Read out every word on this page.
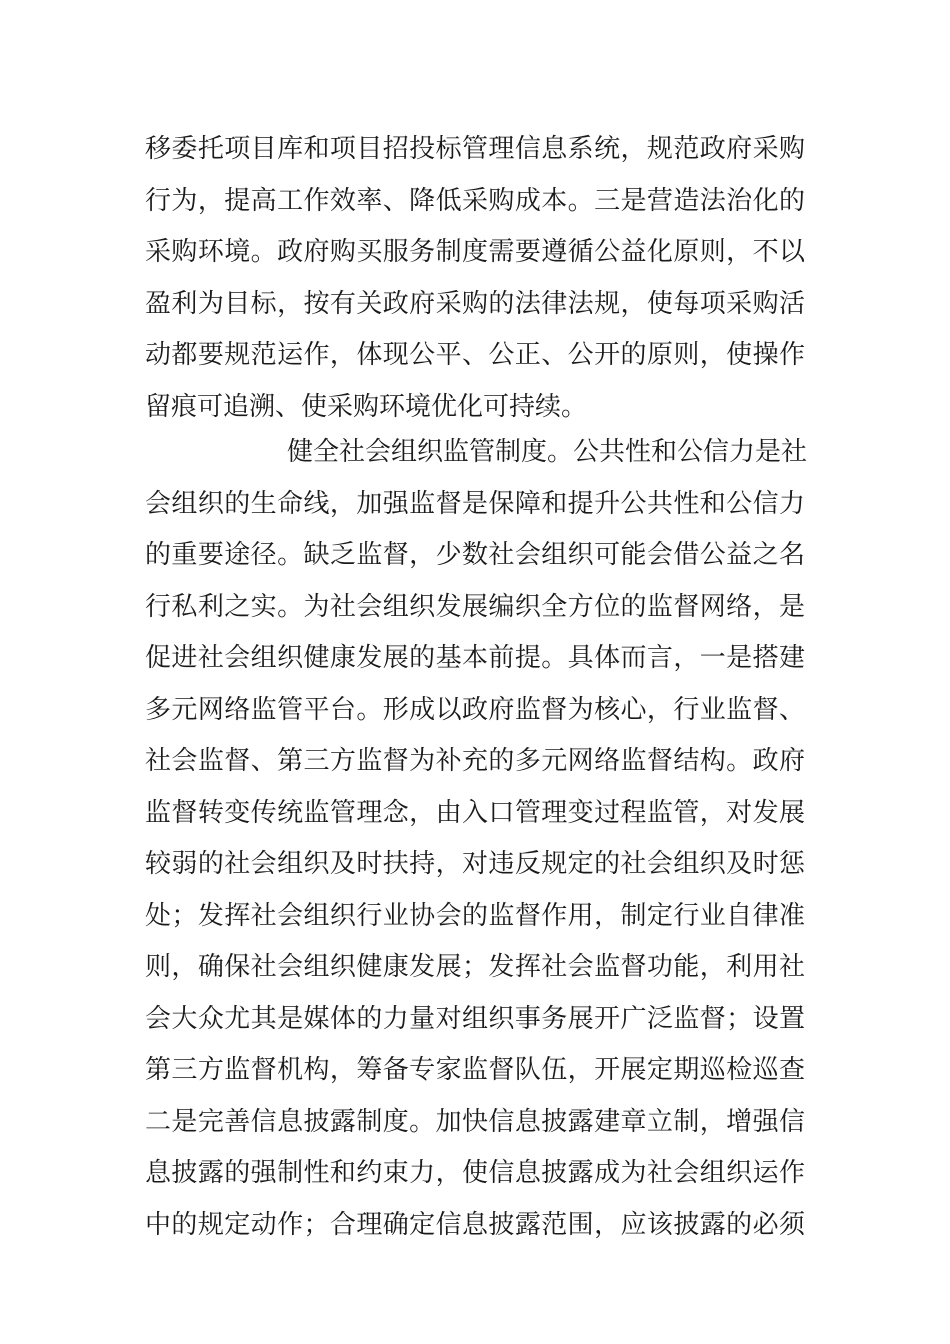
移委托项目库和项目招投标管理信息系统，规范政府采购
行为，提高工作效率、降低采购成本。三是营造法治化的
采购环境。政府购买服务制度需要遵循公益化原则，不以
盈利为目标，按有关政府采购的法律法规，使每项采购活
动都要规范运作，体现公平、公正、公开的原则，使操作
留痕可追溯、使采购环境优化可持续。
健全社会组织监管制度。公共性和公信力是社
会组织的生命线，加强监督是保障和提升公共性和公信力
的重要途径。缺乏监督，少数社会组织可能会借公益之名
行私利之实。为社会组织发展编织全方位的监督网络，是
促进社会组织健康发展的基本前提。具体而言，一是搭建
多元网络监管平台。形成以政府监督为核心，行业监督、
社会监督、第三方监督为补充的多元网络监督结构。政府
监督转变传统监管理念，由入口管理变过程监管，对发展
较弱的社会组织及时扶持，对违反规定的社会组织及时惩
处；发挥社会组织行业协会的监督作用，制定行业自律准
则，确保社会组织健康发展；发挥社会监督功能，利用社
会大众尤其是媒体的力量对组织事务展开广泛监督；设置
第三方监督机构，筹备专家监督队伍，开展定期巡检巡查
二是完善信息披露制度。加快信息披露建章立制，增强信
息披露的强制性和约束力，使信息披露成为社会组织运作
中的规定动作；合理确定信息披露范围，应该披露的必须
